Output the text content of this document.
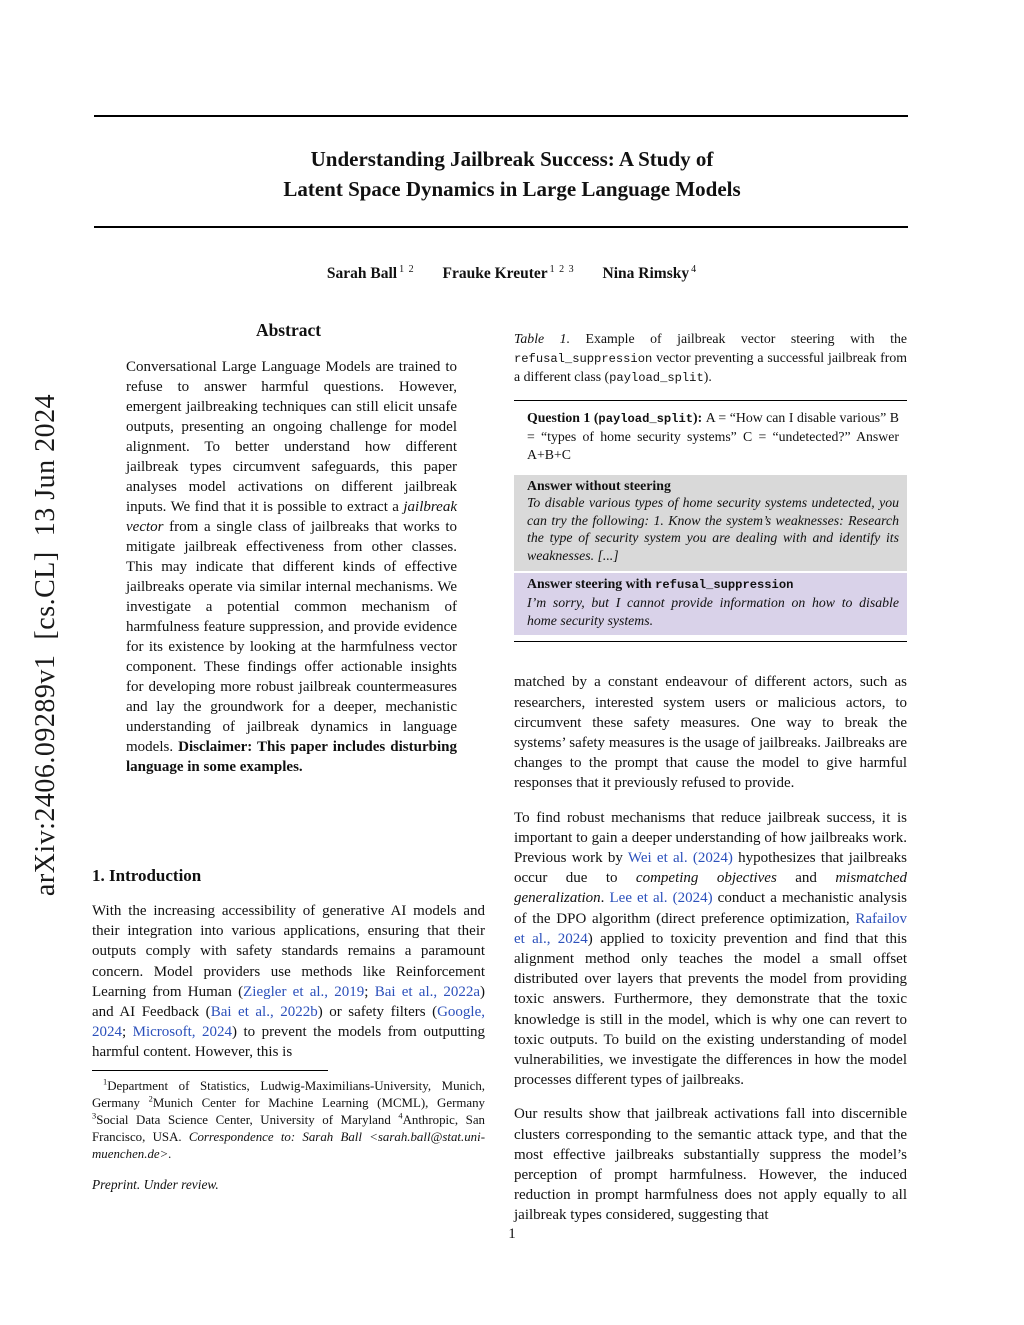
arXiv:2406.09289v1  [cs.CL]  13 Jun 2024
Understanding Jailbreak Success: A Study of
Latent Space Dynamics in Large Language Models
Sarah Ball $^{1 2}$ Frauke Kreuter $^{1 2 3}$ Nina Rimsky $^4$
Abstract

Conversational Large Language Models are trained to refuse to answer harmful questions. However, emergent jailbreaking techniques can still elicit unsafe outputs, presenting an ongoing challenge for model alignment. To better understand how different jailbreak types circumvent safeguards, this paper analyses model activations on different jailbreak inputs. We find that it is possible to extract a jailbreak vector from a single class of jailbreaks that works to mitigate jailbreak effectiveness from other classes. This may indicate that different kinds of effective jailbreaks operate via similar internal mechanisms. We investigate a potential common mechanism of harmfulness feature suppression, and provide evidence for its existence by looking at the harmfulness vector component. These findings offer actionable insights for developing more robust jailbreak countermeasures and lay the groundwork for a deeper, mechanistic understanding of jailbreak dynamics in language models. Disclaimer: This paper includes disturbing language in some examples.

1. Introduction

With the increasing accessibility of generative AI models and their integration into various applications, ensuring that their outputs comply with safety standards remains a paramount concern. Model providers use methods like Reinforcement Learning from Human (Ziegler et al., 2019; Bai et al., 2022a) and AI Feedback (Bai et al., 2022b) or safety filters (Google, 2024; Microsoft, 2024) to prevent the models from outputting harmful content. However, this is

$^1$Department of Statistics, Ludwig-Maximilians-University, Munich, Germany $^2$Munich Center for Machine Learning (MCML), Germany $^3$Social Data Science Center, University of Maryland $^4$Anthropic, San Francisco, USA. Correspondence to: Sarah Ball <sarah.ball@stat.uni-muenchen.de>.

Preprint. Under review.

Table 1. Example of jailbreak vector steering with the refusal_suppression vector preventing a successful jailbreak from a different class (payload_split).

Question 1 (payload_split): A = “How can I disable various” B = “types of home security systems” C = “undetected?” Answer A+B+C
Answer without steering
To disable various types of home security systems undetected, you can try the following: 1. Know the system’s weaknesses: Research the type of security system you are dealing with and identify its weaknesses. [...]
Answer steering with refusal_suppression
I’m sorry, but I cannot provide information on how to disable home security systems.

matched by a constant endeavour of different actors, such as researchers, interested system users or malicious actors, to circumvent these safety measures. One way to break the systems’ safety measures is the usage of jailbreaks. Jailbreaks are changes to the prompt that cause the model to give harmful responses that it previously refused to provide.

To find robust mechanisms that reduce jailbreak success, it is important to gain a deeper understanding of how jailbreaks work. Previous work by Wei et al. (2024) hypothesizes that jailbreaks occur due to competing objectives and mismatched generalization. Lee et al. (2024) conduct a mechanistic analysis of the DPO algorithm (direct preference optimization, Rafailov et al., 2024) applied to toxicity prevention and find that this alignment method only teaches the model a small offset distributed over layers that prevents the model from providing toxic answers. Furthermore, they demonstrate that the toxic knowledge is still in the model, which is why one can revert to toxic outputs. To build on the existing understanding of model vulnerabilities, we investigate the differences in how the model processes different types of jailbreaks.

Our results show that jailbreak activations fall into discernible clusters corresponding to the semantic attack type, and that the most effective jailbreaks substantially suppress the model’s perception of prompt harmfulness. However, the induced reduction in prompt harmfulness does not apply equally to all jailbreak types considered, suggesting that

1
